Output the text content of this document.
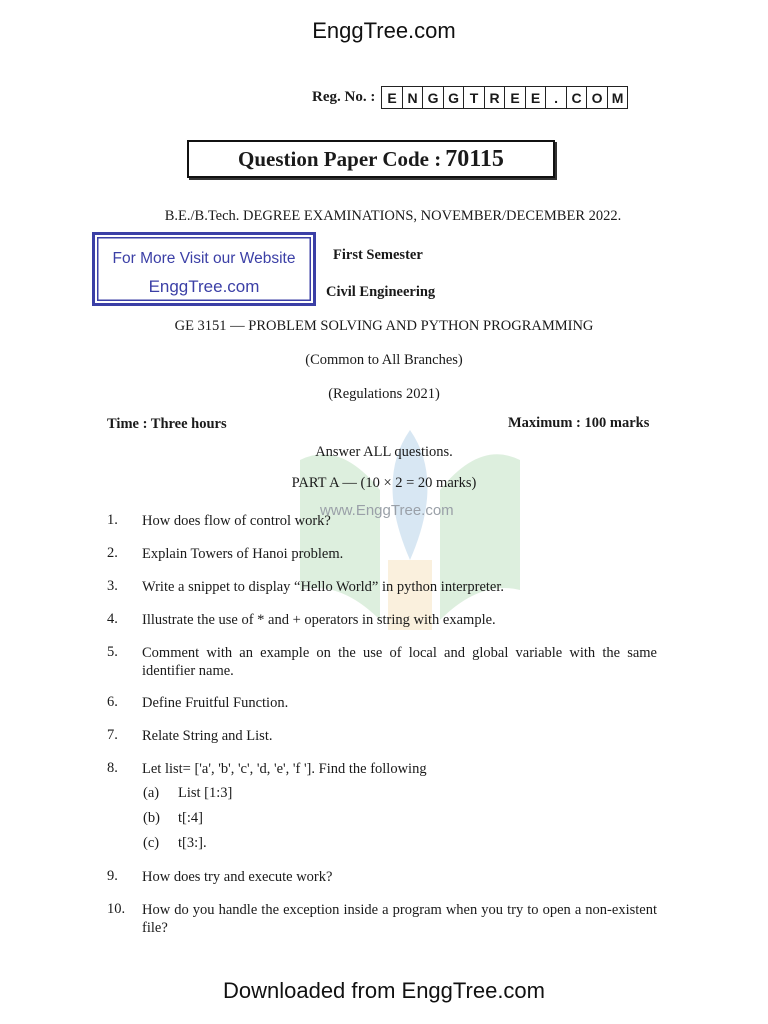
EnggTree.com
Reg. No. : E N G G T R E E . C O M
Question Paper Code : 70115
B.E./B.Tech. DEGREE EXAMINATIONS, NOVEMBER/DECEMBER 2022.
For More Visit our Website
EnggTree.com
First Semester
Civil Engineering
GE 3151 — PROBLEM SOLVING AND PYTHON PROGRAMMING
(Common to All Branches)
(Regulations 2021)
Time : Three hours	Maximum : 100 marks
www.EnggTree.com
Answer ALL questions.
PART A — (10 × 2 = 20 marks)
1. How does flow of control work?
2. Explain Towers of Hanoi problem.
3. Write a snippet to display “Hello World” in python interpreter.
4. Illustrate the use of * and + operators in string with example.
5. Comment with an example on the use of local and global variable with the same identifier name.
6. Define Fruitful Function.
7. Relate String and List.
8. Let list= ['a', 'b', 'c', 'd, 'e', 'f ']. Find the following
(a) List [1:3]
(b) t[:4]
(c) t[3:].
9. How does try and execute work?
10. How do you handle the exception inside a program when you try to open a non-existent file?
Downloaded from EnggTree.com
